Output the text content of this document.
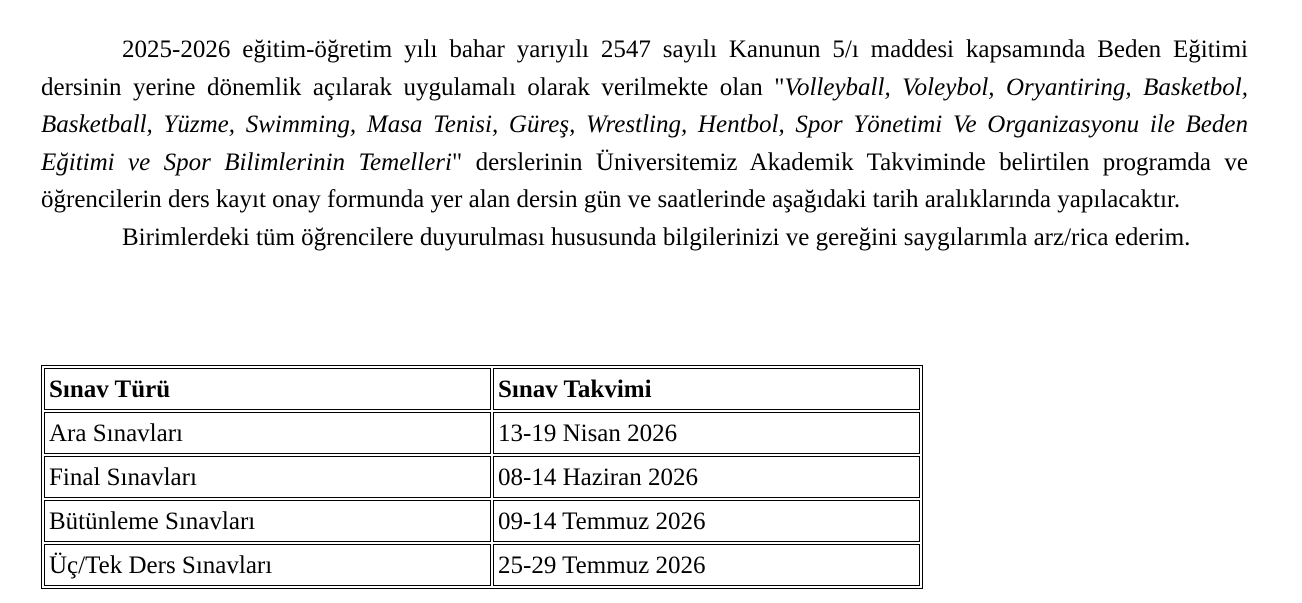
2025-2026 eğitim-öğretim yılı bahar yarıyılı 2547 sayılı Kanunun 5/ı maddesi kapsamında Beden Eğitimi dersinin yerine dönemlik açılarak uygulamalı olarak verilmekte olan "Volleyball, Voleybol, Oryantiring, Basketbol, Basketball, Yüzme, Swimming, Masa Tenisi, Güreş, Wrestling, Hentbol, Spor Yönetimi Ve Organizasyonu ile Beden Eğitimi ve Spor Bilimlerinin Temelleri" derslerinin Üniversitemiz Akademik Takviminde belirtilen programda ve öğrencilerin ders kayıt onay formunda yer alan dersin gün ve saatlerinde aşağıdaki tarih aralıklarında yapılacaktır.

Birimlerdeki tüm öğrencilere duyurulması hususunda bilgilerinizi ve gereğini saygılarımla arz/rica ederim.

Sınav Türü	Sınav Takvimi
Ara Sınavları	13-19 Nisan 2026
Final Sınavları	08-14 Haziran 2026
Bütünleme Sınavları	09-14 Temmuz 2026
Üç/Tek Ders Sınavları	25-29 Temmuz 2026
